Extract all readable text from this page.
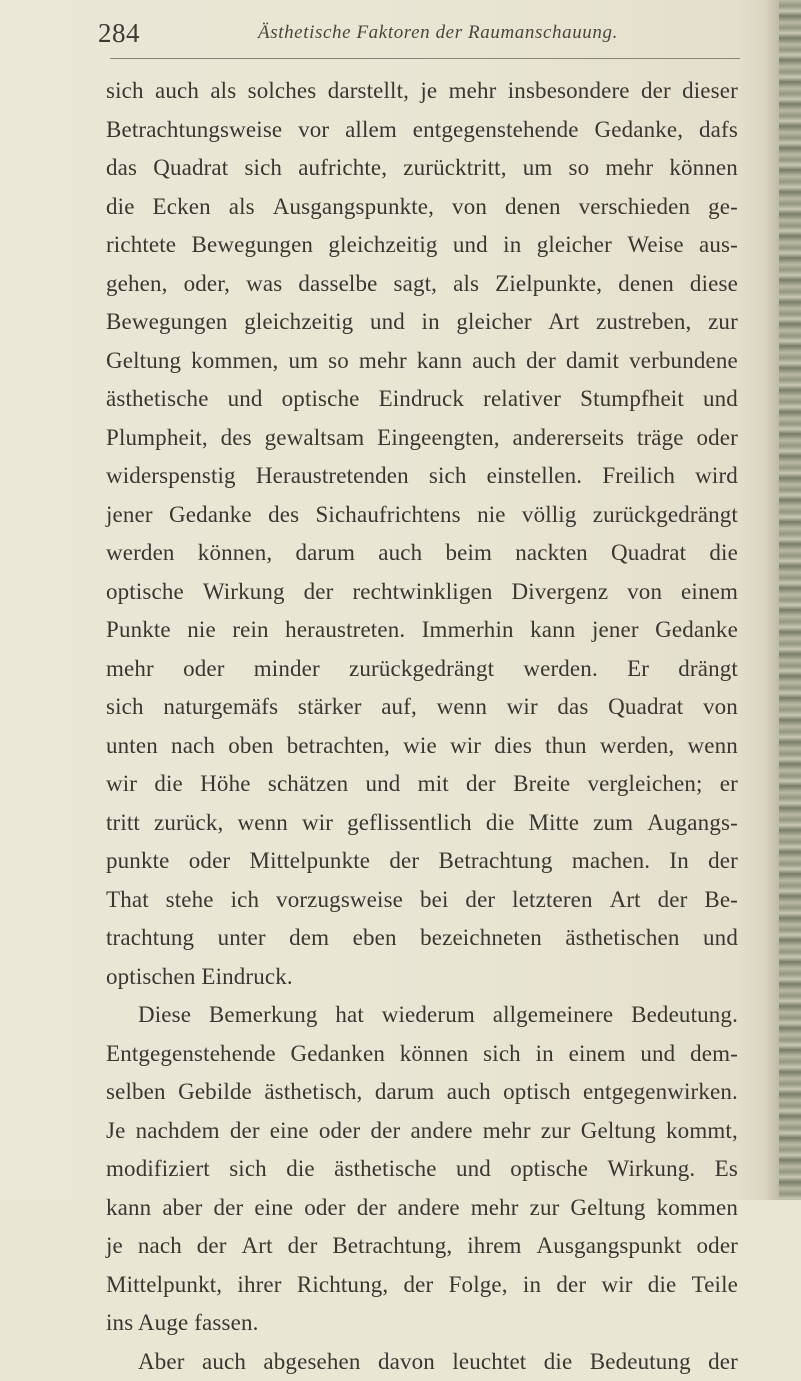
284	Ästhetische Faktoren der Raumanschauung.
sich auch als solches darstellt, je mehr insbesondere der dieser
Betrachtungsweise vor allem entgegenstehende Gedanke, dafs
das Quadrat sich aufrichte, zurücktritt, um so mehr können
die Ecken als Ausgangspunkte, von denen verschieden ge-
richtete Bewegungen gleichzeitig und in gleicher Weise aus-
gehen, oder, was dasselbe sagt, als Zielpunkte, denen diese
Bewegungen gleichzeitig und in gleicher Art zustreben, zur
Geltung kommen, um so mehr kann auch der damit verbundene
ästhetische und optische Eindruck relativer Stumpfheit und
Plumpheit, des gewaltsam Eingeengten, andererseits träge oder
widerspenstig Heraustretenden sich einstellen. Freilich wird
jener Gedanke des Sichaufrichtens nie völlig zurückgedrängt
werden können, darum auch beim nackten Quadrat die
optische Wirkung der rechtwinkligen Divergenz von einem
Punkte nie rein heraustreten. Immerhin kann jener Gedanke
mehr oder minder zurückgedrängt werden. Er drängt
sich naturgemäfs stärker auf, wenn wir das Quadrat von
unten nach oben betrachten, wie wir dies thun werden, wenn
wir die Höhe schätzen und mit der Breite vergleichen; er
tritt zurück, wenn wir geflissentlich die Mitte zum Augangs-
punkte oder Mittelpunkte der Betrachtung machen. In der
That stehe ich vorzugsweise bei der letzteren Art der Be-
trachtung unter dem eben bezeichneten ästhetischen und
optischen Eindruck.
Diese Bemerkung hat wiederum allgemeinere Bedeutung.
Entgegenstehende Gedanken können sich in einem und dem-
selben Gebilde ästhetisch, darum auch optisch entgegenwirken.
Je nachdem der eine oder der andere mehr zur Geltung kommt,
modifiziert sich die ästhetische und optische Wirkung. Es
kann aber der eine oder der andere mehr zur Geltung kommen
je nach der Art der Betrachtung, ihrem Ausgangspunkt oder
Mittelpunkt, ihrer Richtung, der Folge, in der wir die Teile
ins Auge fassen.
Aber auch abgesehen davon leuchtet die Bedeutung der
